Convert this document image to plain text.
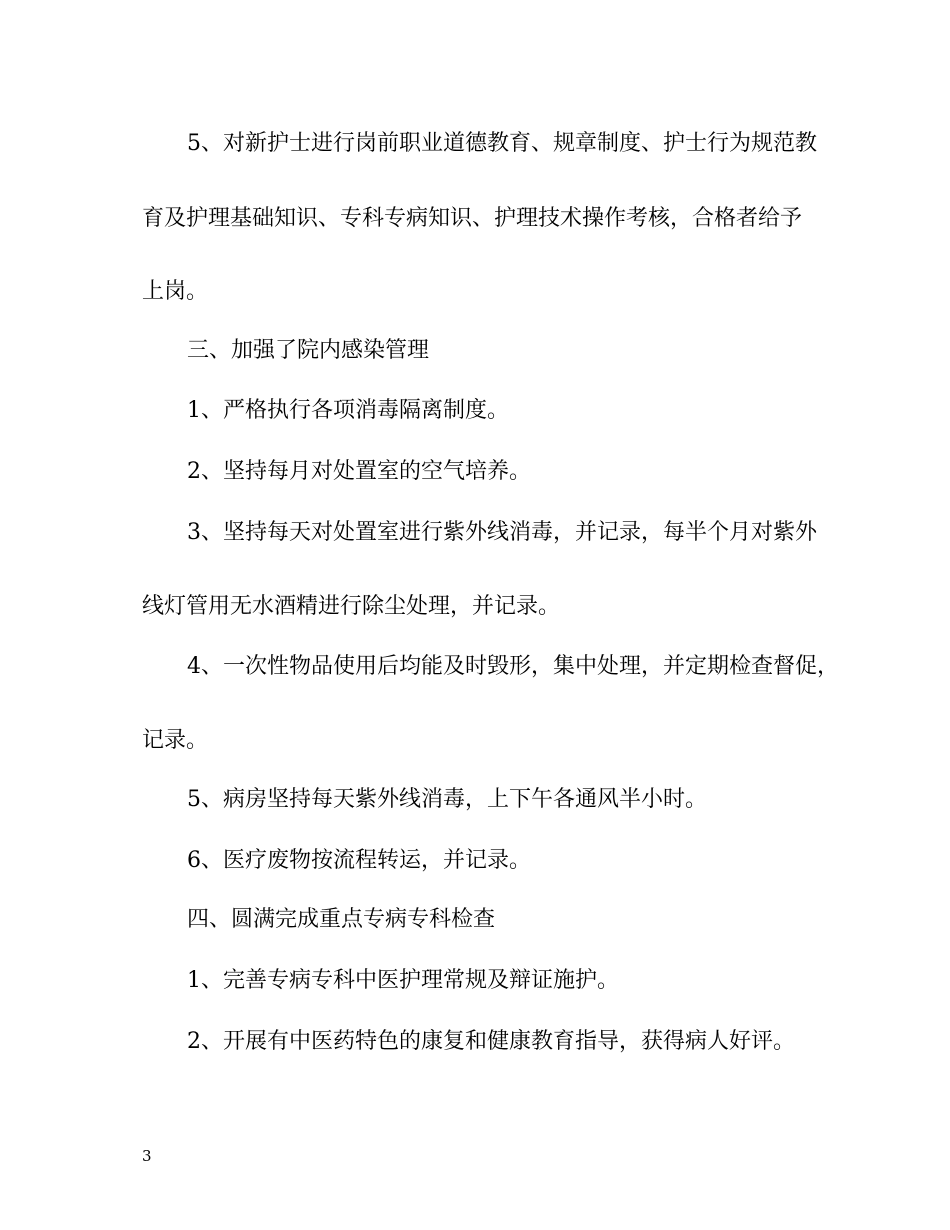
5、对新护士进行岗前职业道德教育、规章制度、护士行为规范教

育及护理基础知识、专科专病知识、护理技术操作考核，合格者给予

上岗。

三、加强了院内感染管理

1、严格执行各项消毒隔离制度。

2、坚持每月对处置室的空气培养。

3、坚持每天对处置室进行紫外线消毒，并记录，每半个月对紫外

线灯管用无水酒精进行除尘处理，并记录。

4、一次性物品使用后均能及时毁形，集中处理，并定期检查督促，

记录。

5、病房坚持每天紫外线消毒，上下午各通风半小时。

6、医疗废物按流程转运，并记录。

四、圆满完成重点专病专科检查

1、完善专病专科中医护理常规及辩证施护。

2、开展有中医药特色的康复和健康教育指导，获得病人好评。

3
